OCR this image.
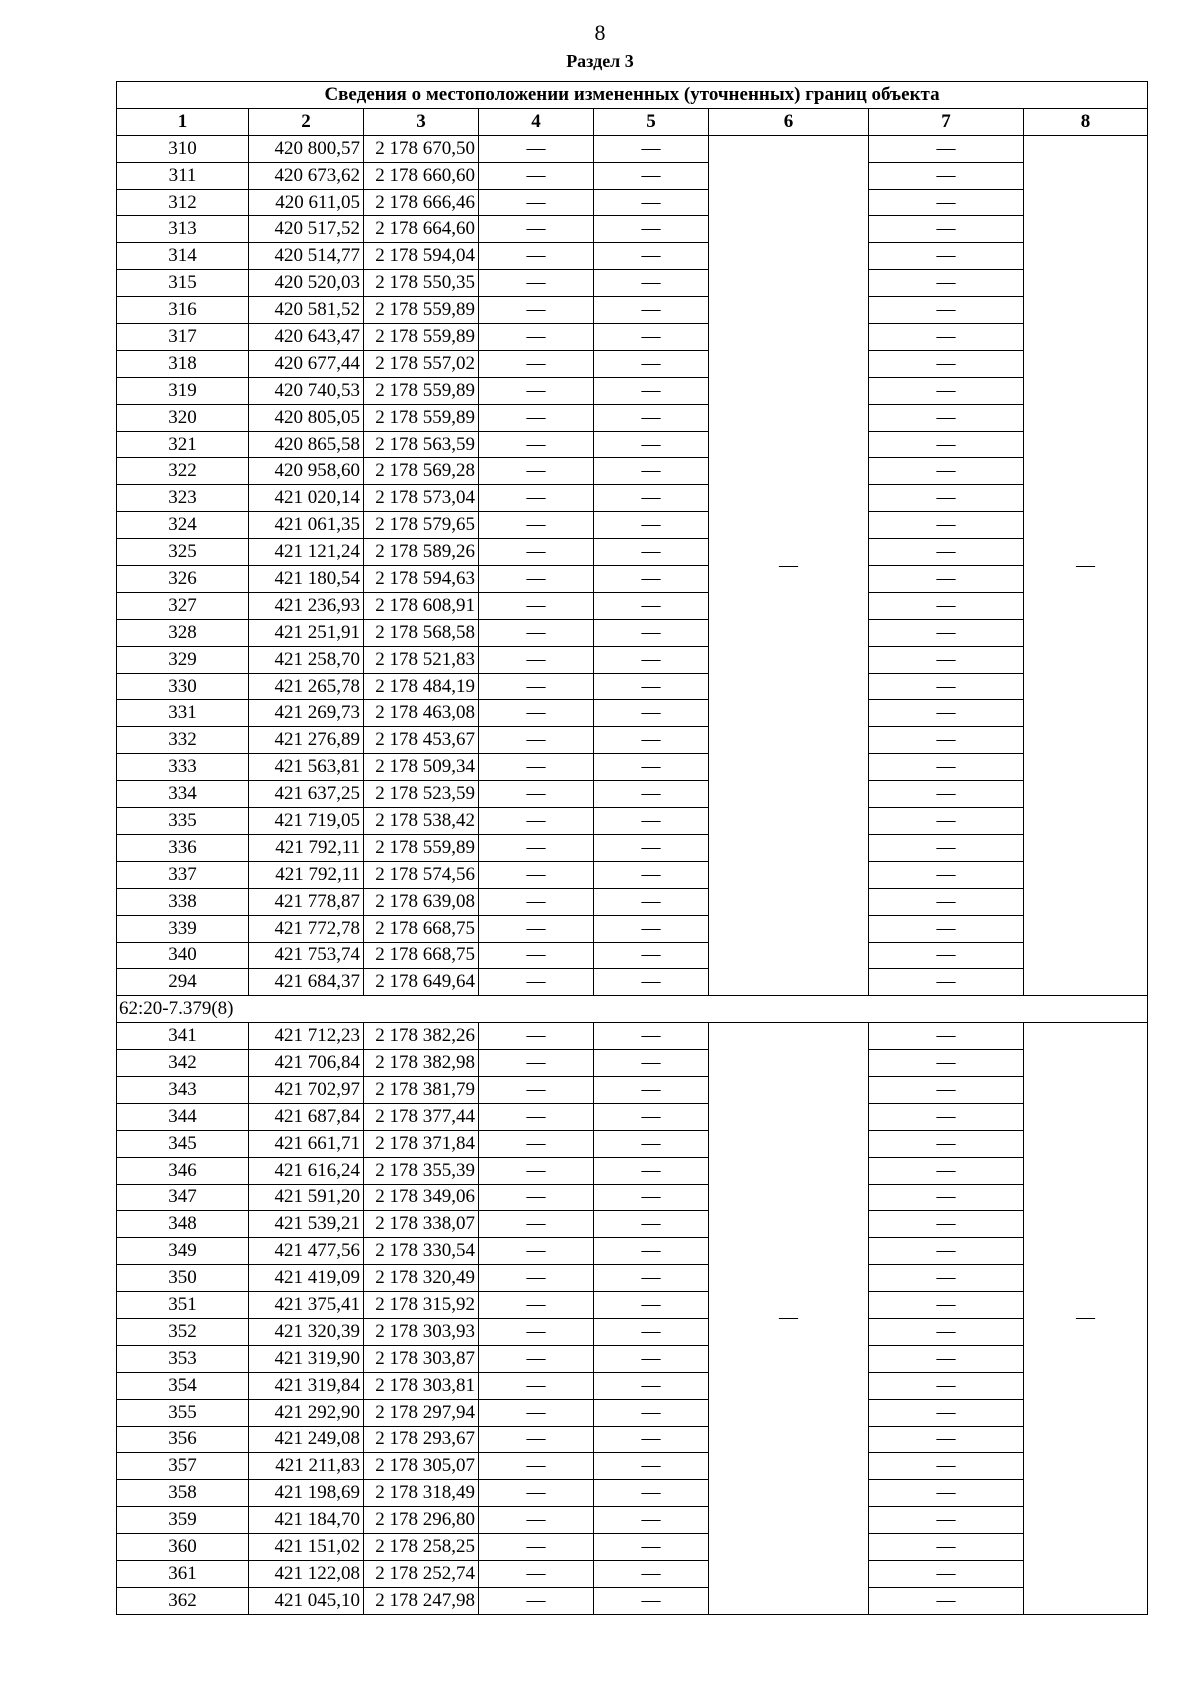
8
Раздел 3
Сведения о местоположении измененных (уточненных) границ объекта							
1	2	3	4	5	6	7	8
310	420 800,57	2 178 670,50	—	—	—	—	—
311	420 673,62	2 178 660,60	—	—		—	
312	420 611,05	2 178 666,46	—	—		—	
313	420 517,52	2 178 664,60	—	—		—	
314	420 514,77	2 178 594,04	—	—		—	
315	420 520,03	2 178 550,35	—	—		—	
316	420 581,52	2 178 559,89	—	—		—	
317	420 643,47	2 178 559,89	—	—		—	
318	420 677,44	2 178 557,02	—	—		—	
319	420 740,53	2 178 559,89	—	—		—	
320	420 805,05	2 178 559,89	—	—		—	
321	420 865,58	2 178 563,59	—	—		—	
322	420 958,60	2 178 569,28	—	—		—	
323	421 020,14	2 178 573,04	—	—		—	
324	421 061,35	2 178 579,65	—	—		—	
325	421 121,24	2 178 589,26	—	—		—	
326	421 180,54	2 178 594,63	—	—		—	
327	421 236,93	2 178 608,91	—	—		—	
328	421 251,91	2 178 568,58	—	—		—	
329	421 258,70	2 178 521,83	—	—		—	
330	421 265,78	2 178 484,19	—	—		—	
331	421 269,73	2 178 463,08	—	—		—	
332	421 276,89	2 178 453,67	—	—		—	
333	421 563,81	2 178 509,34	—	—		—	
334	421 637,25	2 178 523,59	—	—		—	
335	421 719,05	2 178 538,42	—	—		—	
336	421 792,11	2 178 559,89	—	—		—	
337	421 792,11	2 178 574,56	—	—		—	
338	421 778,87	2 178 639,08	—	—		—	
339	421 772,78	2 178 668,75	—	—		—	
340	421 753,74	2 178 668,75	—	—		—	
294	421 684,37	2 178 649,64	—	—		—	
62:20-7.379(8)							
341	421 712,23	2 178 382,26	—	—	—	—	—
342	421 706,84	2 178 382,98	—	—		—	
343	421 702,97	2 178 381,79	—	—		—	
344	421 687,84	2 178 377,44	—	—		—	
345	421 661,71	2 178 371,84	—	—		—	
346	421 616,24	2 178 355,39	—	—		—	
347	421 591,20	2 178 349,06	—	—		—	
348	421 539,21	2 178 338,07	—	—		—	
349	421 477,56	2 178 330,54	—	—		—	
350	421 419,09	2 178 320,49	—	—		—	
351	421 375,41	2 178 315,92	—	—		—	
352	421 320,39	2 178 303,93	—	—		—	
353	421 319,90	2 178 303,87	—	—		—	
354	421 319,84	2 178 303,81	—	—		—	
355	421 292,90	2 178 297,94	—	—		—	
356	421 249,08	2 178 293,67	—	—		—	
357	421 211,83	2 178 305,07	—	—		—	
358	421 198,69	2 178 318,49	—	—		—	
359	421 184,70	2 178 296,80	—	—		—	
360	421 151,02	2 178 258,25	—	—		—	
361	421 122,08	2 178 252,74	—	—		—	
362	421 045,10	2 178 247,98	—	—		—	
